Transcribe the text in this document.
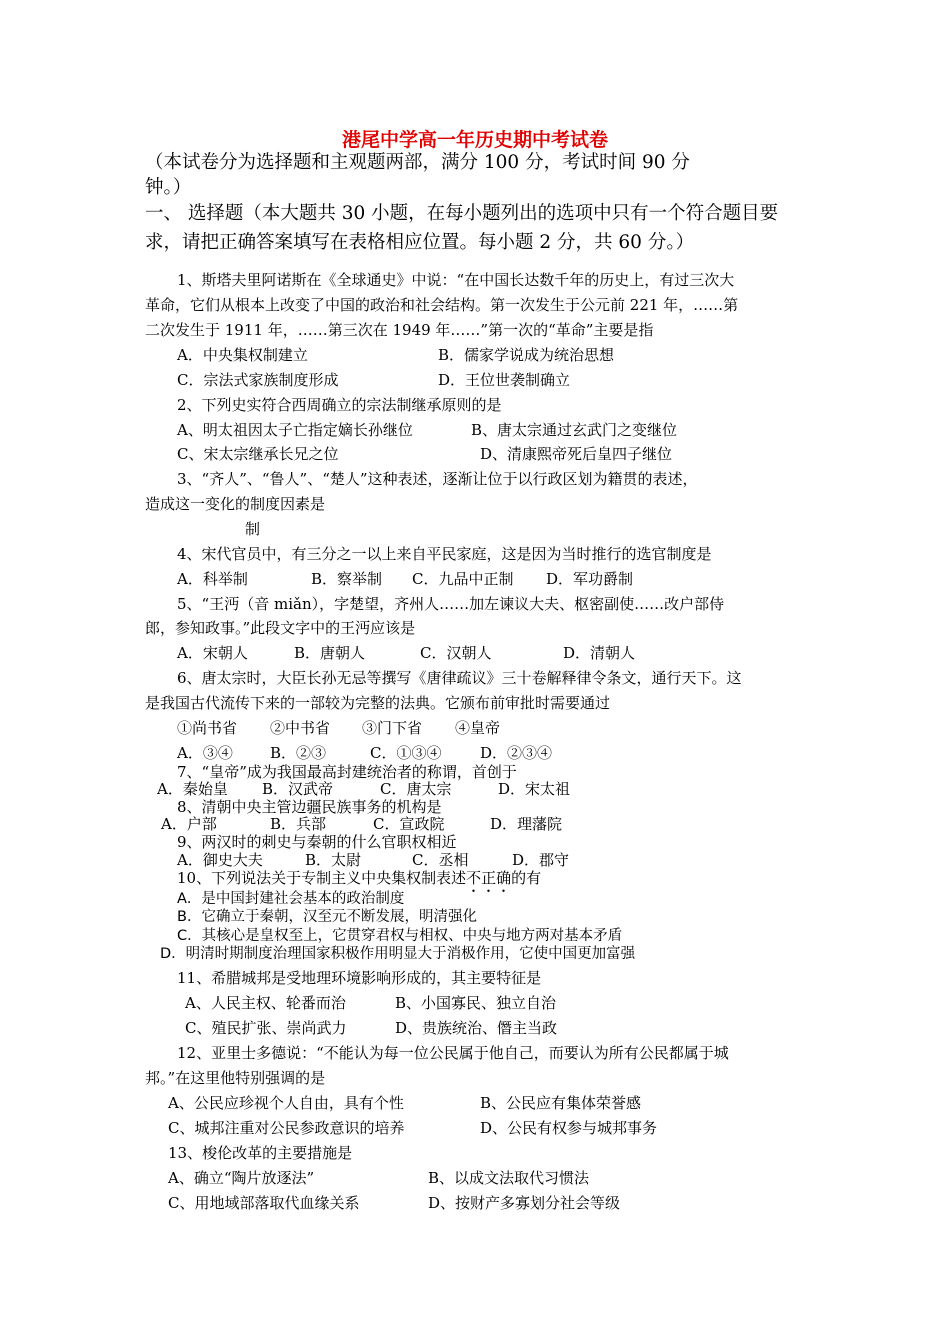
港尾中学高一年历史期中考试卷
（本试卷分为选择题和主观题两部，满分 100 分，考试时间 90 分
钟。）
一、 选择题（本大题共 30 小题，在每小题列出的选项中只有一个符合题目要
求，请把正确答案填写在表格相应位置。每小题 2 分，共 60 分。）
1、斯塔夫里阿诺斯在《全球通史》中说：“在中国长达数千年的历史上，有过三次大
革命，它们从根本上改变了中国的政治和社会结构。第一次发生于公元前 221 年，……第
二次发生于 1911 年，……第三次在 1949 年……”第一次的“革命”主要是指
A．中央集权制建立	B．儒家学说成为统治思想
C．宗法式家族制度形成	D．王位世袭制确立
2、下列史实符合西周确立的宗法制继承原则的是
A、明太祖因太子亡指定嫡长孙继位	B、唐太宗通过玄武门之变继位
C、宋太宗继承长兄之位	D、清康熙帝死后皇四子继位
3、“齐人”、“鲁人”、“楚人”这种表述，逐渐让位于以行政区划为籍贯的表述，
造成这一变化的制度因素是
制
4、宋代官员中，有三分之一以上来自平民家庭，这是因为当时推行的选官制度是
A．科举制	B．察举制 C．九品中正制 D．军功爵制
5、“王沔（音 miǎn），字楚望，齐州人……加左谏议大夫、枢密副使……改户部侍
郎，参知政事。”此段文字中的王沔应该是
A．宋朝人	B．唐朝人	C．汉朝人	D．清朝人
6、唐太宗时，大臣长孙无忌等撰写《唐律疏议》三十卷解释律令条文，通行天下。这
是我国古代流传下来的一部较为完整的法典。它颁布前审批时需要通过
①尚书省 ②中书省 ③门下省 ④皇帝
A．③④ B．②③	C．①③④	D．②③④
7、“皇帝”成为我国最高封建统治者的称谓，首创于
A．秦始皇 B．汉武帝	C．唐太宗	D．宋太祖
8、清朝中央主管边疆民族事务的机构是
A．户部	B．兵部	C．宣政院	D．理藩院
9、两汉时的刺史与秦朝的什么官职权相近
A．御史大夫	B．太尉	C．丞相	D．郡守
10、下列说法关于专制主义中央集权制表述不正确的有
A．是中国封建社会基本的政治制度
B．它确立于秦朝，汉至元不断发展，明清强化
C．其核心是皇权至上，它贯穿君权与相权、中央与地方两对基本矛盾
D．明清时期制度治理国家积极作用明显大于消极作用，它使中国更加富强
11、希腊城邦是受地理环境影响形成的，其主要特征是
A、人民主权、轮番而治	B、小国寡民、独立自治
C、殖民扩张、崇尚武力	D、贵族统治、僭主当政
12、亚里士多德说：“不能认为每一位公民属于他自己，而要认为所有公民都属于城
邦。”在这里他特别强调的是
A、公民应珍视个人自由，具有个性	B、公民应有集体荣誉感
C、城邦注重对公民参政意识的培养	D、公民有权参与城邦事务
13、梭伦改革的主要措施是
A、确立“陶片放逐法”	B、以成文法取代习惯法
C、用地域部落取代血缘关系	D、按财产多寡划分社会等级
